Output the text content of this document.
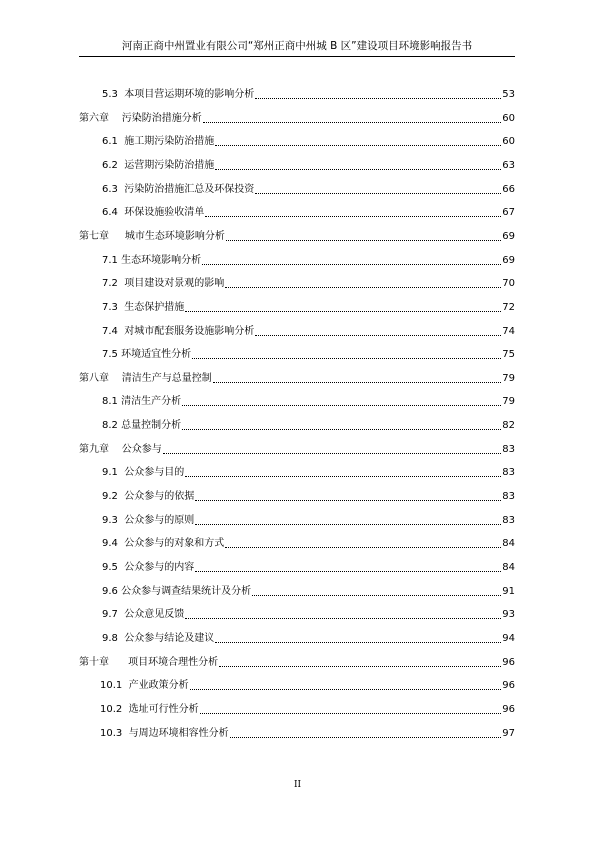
河南正商中州置业有限公司“郑州正商中州城 B 区”建设项目环境影响报告书
5.3  本项目营运期环境的影响分析	53
第六章    污染防治措施分析	60
6.1  施工期污染防治措施	60
6.2  运营期污染防治措施	63
6.3  污染防治措施汇总及环保投资	66
6.4  环保设施验收清单	67
第七章     城市生态环境影响分析	69
7.1 生态环境影响分析	69
7.2  项目建设对景观的影响	70
7.3  生态保护措施	72
7.4  对城市配套服务设施影响分析	74
7.5 环境适宜性分析	75
第八章    清洁生产与总量控制	79
8.1 清洁生产分析	79
8.2 总量控制分析	82
第九章    公众参与	83
9.1  公众参与目的	83
9.2  公众参与的依据	83
9.3  公众参与的原则	83
9.4  公众参与的对象和方式	84
9.5  公众参与的内容	84
9.6 公众参与调查结果统计及分析	91
9.7  公众意见反馈	93
9.8  公众参与结论及建议	94
第十章      项目环境合理性分析	96
10.1  产业政策分析	96
10.2  选址可行性分析	96
10.3  与周边环境相容性分析	97
II
